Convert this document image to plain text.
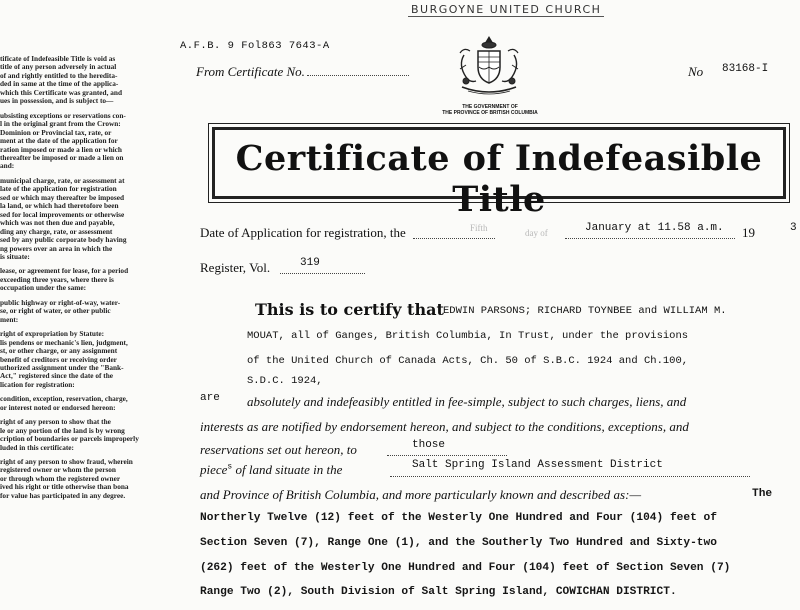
tificate of Indefeasible Title is void as
title of any person adversely in actual
of and rightly entitled to the heredita-
ded in same at the time of the applica-
which this Certificate was granted, and
ues in possession, and is subject to—
ubsisting exceptions or reservations con-
l in the original grant from the Crown:
Dominion or Provincial tax, rate, or
ment at the date of the application for
ration imposed or made a lien or which
thereafter be imposed or made a lien on
and:
municipal charge, rate, or assessment at
late of the application for registration
sed or which may thereafter be imposed
la land, or which had theretofore been
sed for local improvements or otherwise
which was not then due and payable,
ding any charge, rate, or assessment
sed by any public corporate body having
ng powers over an area in which the
is situate:
lease, or agreement for lease, for a period
exceeding three years, where there is
occupation under the same:
public highway or right-of-way, water-
se, or right of water, or other public
ment:
right of expropriation by Statute:
lis pendens or mechanic's lien, judgment,
st, or other charge, or any assignment
benefit of creditors or receiving order
uthorized assignment under the "Bank-
Act," registered since the date of the
lication for registration:
condition, exception, reservation, charge,
or interest noted or endorsed hereon:
right of any person to show that the
le or any portion of the land is by wrong
cription of boundaries or parcels improperly
luded in this certificate:
right of any person to show fraud, wherein
registered owner or whom the person
or through whom the registered owner
ived his right or title otherwise than bona
for value has participated in any degree.
BURGOYNE UNITED CHURCH
A.F.B. 9 Fol863 7643-A
From Certificate No.	No 83168-I
THE GOVERNMENT OF
THE PROVINCE OF BRITISH COLUMBIA
Certificate of Indefeasible Title
Date of Application for registration, the	Fifth	day of	January at 11.58 a.m. 19	3
Register, Vol.	319
This is to certify that EDWIN PARSONS; RICHARD TOYNBEE and WILLIAM M.
MOUAT, all of Ganges, British Columbia, In Trust, under the provisions
of the United Church of Canada Acts, Ch. 50 of S.B.C. 1924 and Ch.100,
S.D.C. 1924,
are absolutely and indefeasibly entitled in fee-simple, subject to such charges, liens, and
interests as are notified by endorsement hereon, and subject to the conditions, exceptions, and
reservations set out hereon, to	those
piece$^s$ of land situate in the	Salt Spring Island Assessment District
and Province of British Columbia, and more particularly known and described as:—	The
Northerly Twelve (12) feet of the Westerly One Hundred and Four (104) feet of
Section Seven (7), Range One (1), and the Southerly Two Hundred and Sixty-two
(262) feet of the Westerly One Hundred and Four (104) feet of Section Seven (7)
Range Two (2), South Division of Salt Spring Island, COWICHAN DISTRICT.
